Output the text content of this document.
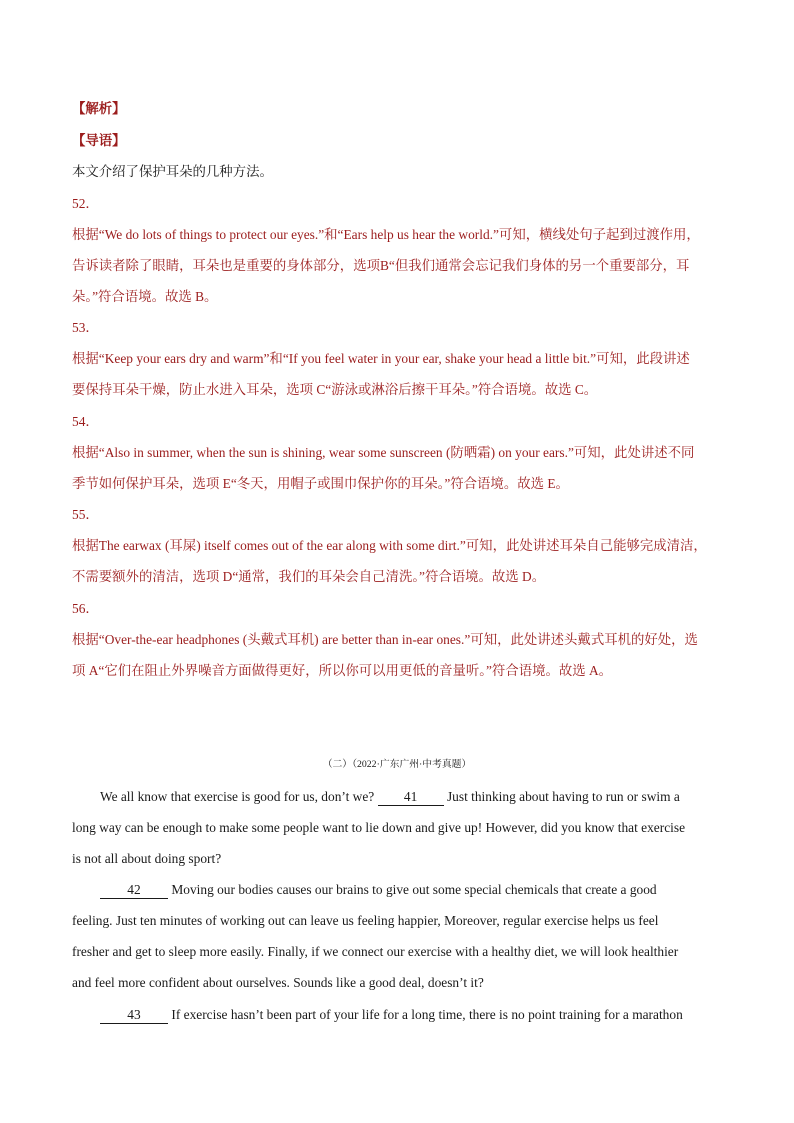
【解析】
【导语】
本文介绍了保护耳朵的几种方法。
52．
根据“We do lots of things to protect our eyes.”和“Ears help us hear the world.”可知，横线处句子起到过渡作用，
告诉读者除了眼睛，耳朵也是重要的身体部分，选项B“但我们通常会忘记我们身体的另一个重要部分，耳
朵。”符合语境。故选 B。
53．
根据“Keep your ears dry and warm”和“If you feel water in your ear, shake your head a little bit.”可知，此段讲述
要保持耳朵干燥，防止水进入耳朵，选项 C“游泳或淋浴后擦干耳朵。”符合语境。故选 C。
54．
根据“Also in summer, when the sun is shining, wear some sunscreen (防晒霜) on your ears.”可知，此处讲述不同
季节如何保护耳朵，选项 E“冬天，用帽子或围巾保护你的耳朵。”符合语境。故选 E。
55．
根据The earwax (耳屎) itself comes out of the ear along with some dirt.”可知，此处讲述耳朵自己能够完成清洁，
不需要额外的清洁，选项 D“通常，我们的耳朵会自己清洗。”符合语境。故选 D。
56．
根据“Over-the-ear headphones (头戴式耳机) are better than in-ear ones.”可知，此处讲述头戴式耳机的好处，选
项 A“它们在阻止外界噪音方面做得更好，所以你可以用更低的音量听。”符合语境。故选 A。
（二）（2022·广东广州·中考真题）
We all know that exercise is good for us, don’t we? 41 Just thinking about having to run or swim a
long way can be enough to make some people want to lie down and give up! However, did you know that exercise
is not all about doing sport?
42 Moving our bodies causes our brains to give out some special chemicals that create a good
feeling. Just ten minutes of working out can leave us feeling happier, Moreover, regular exercise helps us feel
fresher and get to sleep more easily. Finally, if we connect our exercise with a healthy diet, we will look healthier
and feel more confident about ourselves. Sounds like a good deal, doesn’t it?
43 If exercise hasn’t been part of your life for a long time, there is no point training for a marathon
